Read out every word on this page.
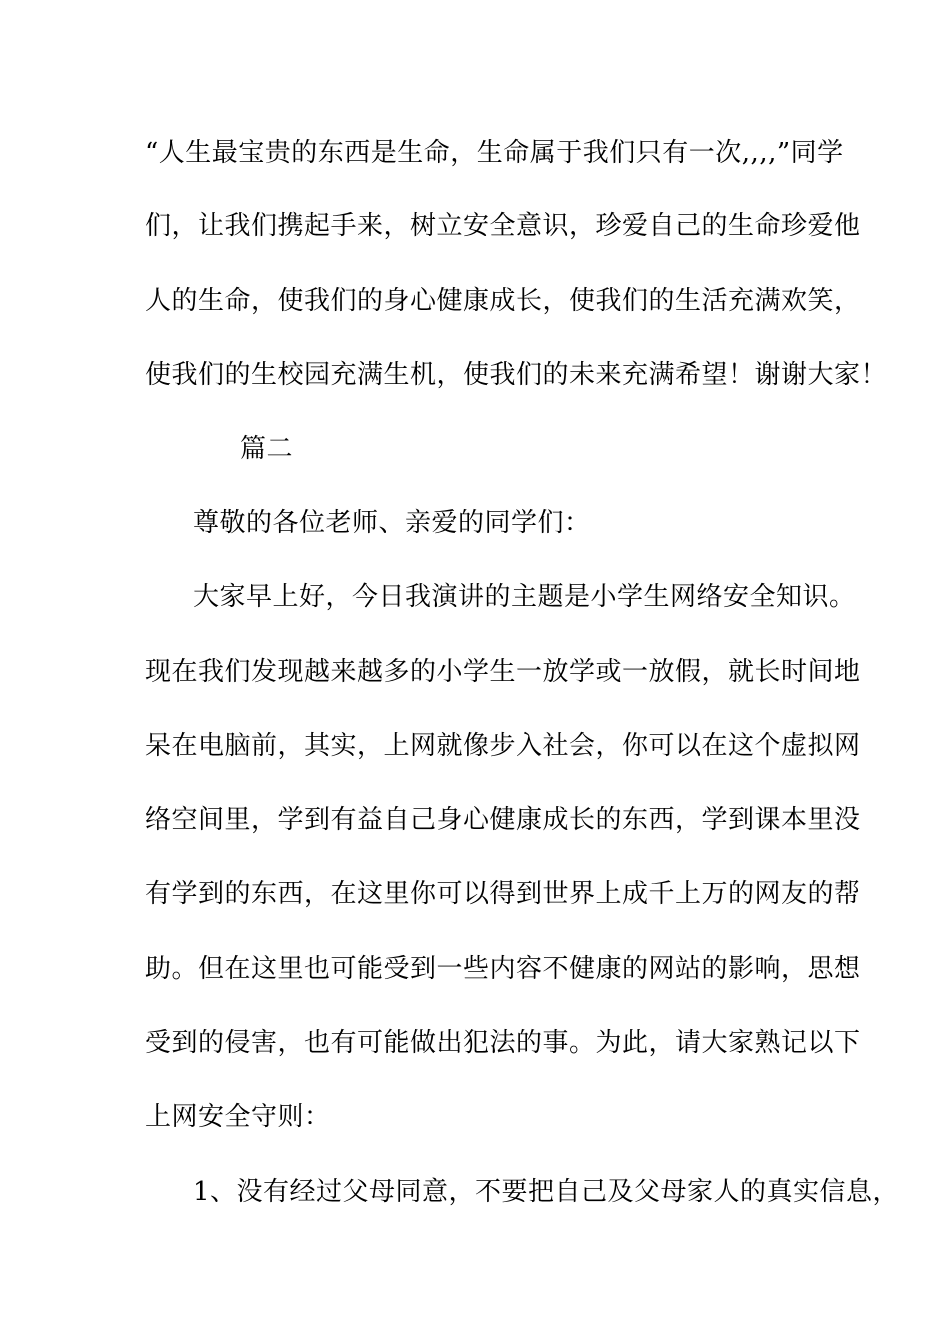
“人生最宝贵的东西是生命，生命属于我们只有一次,,,,”同学
们，让我们携起手来，树立安全意识，珍爱自己的生命珍爱他
人的生命，使我们的身心健康成长，使我们的生活充满欢笑，
使我们的生校园充满生机，使我们的未来充满希望！谢谢大家！
篇二
尊敬的各位老师、亲爱的同学们：
大家早上好，今日我演讲的主题是小学生网络安全知识。
现在我们发现越来越多的小学生一放学或一放假，就长时间地
呆在电脑前，其实，上网就像步入社会，你可以在这个虚拟网
络空间里，学到有益自己身心健康成长的东西，学到课本里没
有学到的东西，在这里你可以得到世界上成千上万的网友的帮
助。但在这里也可能受到一些内容不健康的网站的影响，思想
受到的侵害，也有可能做出犯法的事。为此，请大家熟记以下
上网安全守则：
1、没有经过父母同意，不要把自己及父母家人的真实信息，
